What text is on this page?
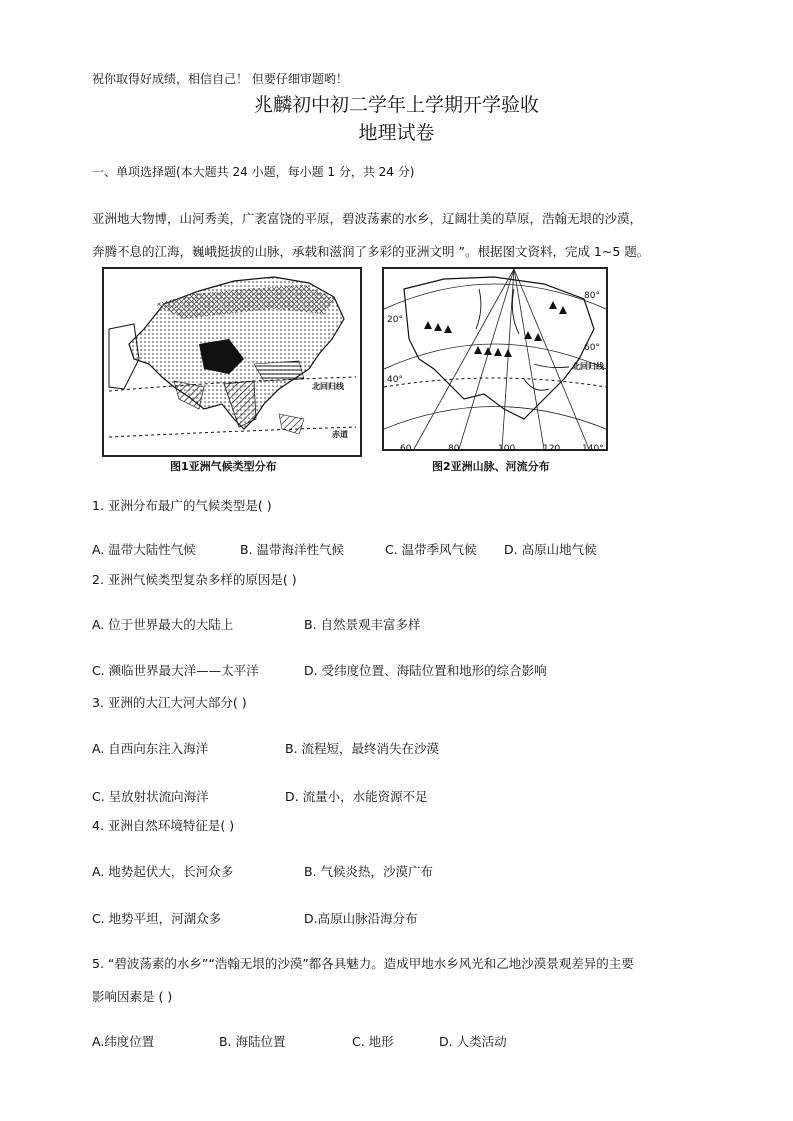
祝你取得好成绩，相信自己！ 但要仔细审题哟！
兆麟初中初二学年上学期开学验收
地理试卷
一、单项选择题(本大题共 24 小题，每小题 1 分，共 24 分)
亚洲地大物博，山河秀美，广袤富饶的平原，碧波荡素的水乡，辽阔壮美的草原，浩翰无垠的沙漠，
奔腾不息的江海，巍峨挺拔的山脉，承载和滋润了多彩的亚洲文明 ”。根据图文资料，完成 1~5 题。
北回归线
赤道
图1亚洲气候类型分布
北回归线
20°
40°
60°
80°
60	80	100	120 140°
图2亚洲山脉、河流分布
1. 亚洲分布最广的气候类型是( )
A. 温带大陆性气候	B. 温带海洋性气候	C. 温带季风气候 D. 高原山地气候
2. 亚洲气候类型复杂多样的原因是( )
A. 位于世界最大的大陆上	B. 自然景观丰富多样
C. 濒临世界最大洋——太平洋	D. 受纬度位置、海陆位置和地形的综合影响
3. 亚洲的大江大河大部分( )
A. 自西向东注入海洋	B. 流程短，最终消失在沙漠
C. 呈放射状流向海洋	D. 流量小，水能资源不足
4. 亚洲自然环境特征是( )
A. 地势起伏大，长河众多	B. 气候炎热，沙漠广布
C. 地势平坦，河湖众多	D.高原山脉沿海分布
5. “碧波荡素的水乡”“浩翰无垠的沙漠”都各具魅力。造成甲地水乡风光和乙地沙漠景观差异的主要
影响因素是 ( )
A.纬度位置	B. 海陆位置	C. 地形	D. 人类活动
